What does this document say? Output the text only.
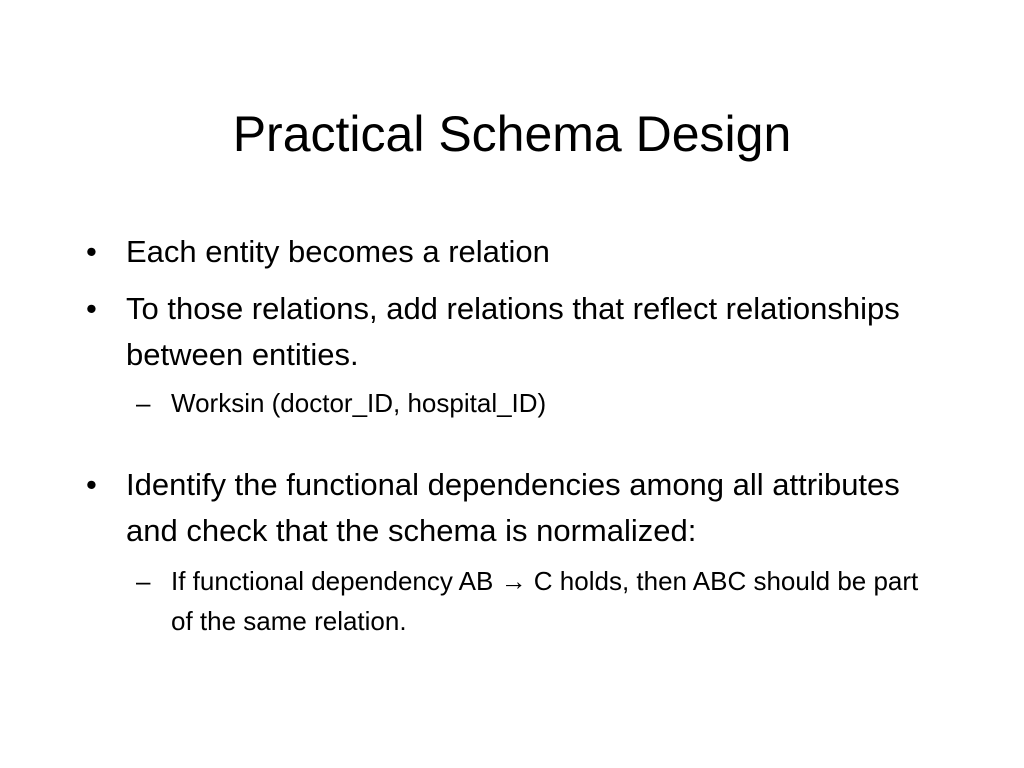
Practical Schema Design
• Each entity becomes a relation
• To those relations, add relations that reflect relationships between entities.
– Worksin (doctor_ID, hospital_ID)
• Identify the functional dependencies among all attributes and check that the schema is normalized:
– If functional dependency AB → C holds, then ABC should be part of the same relation.
